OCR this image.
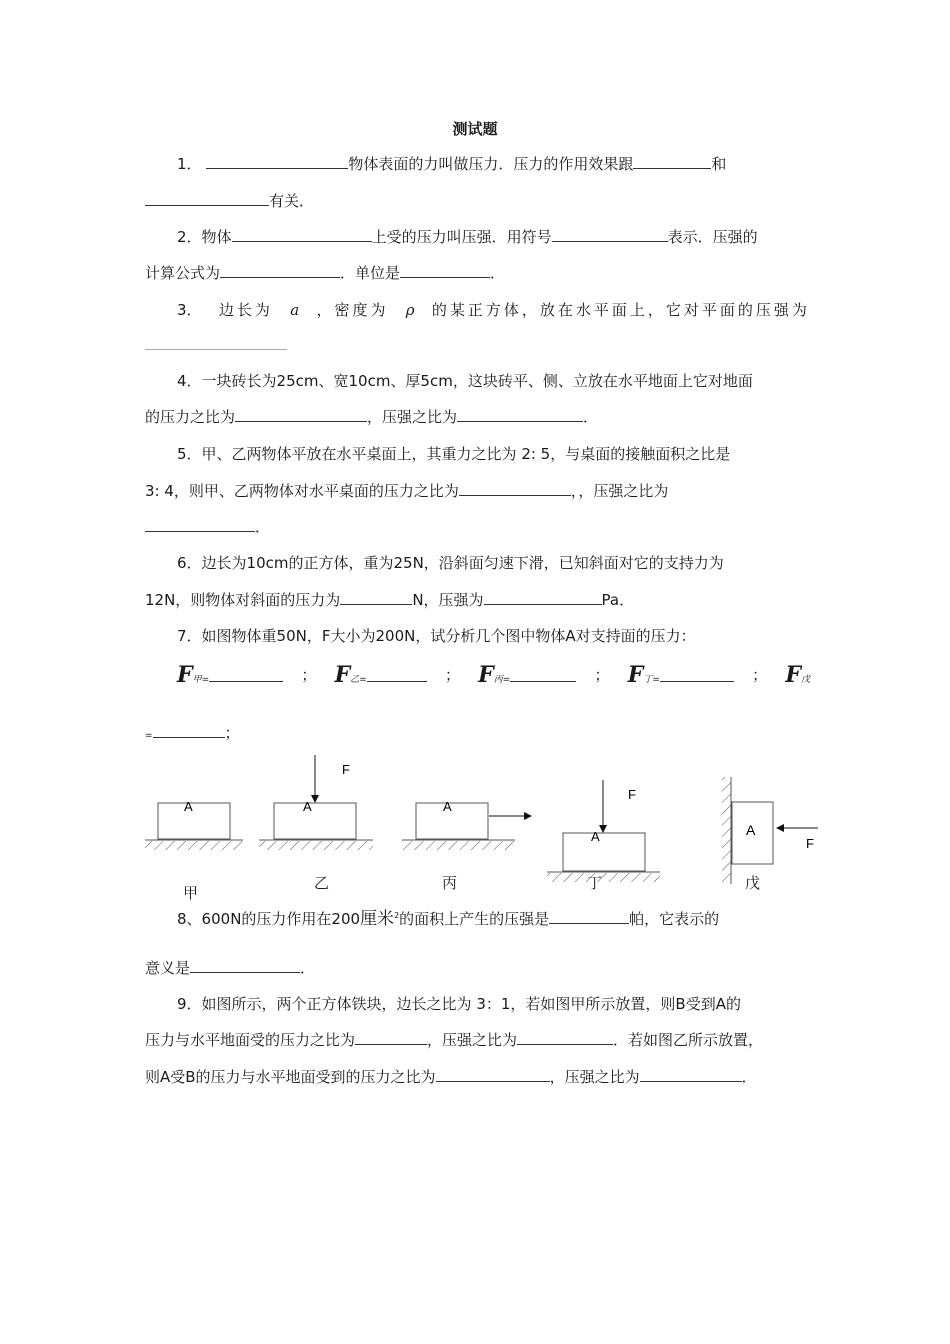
测试题
1．	物体表面的力叫做压力．压力的作用效果跟	和
有关．
2．物体	上受的压力叫压强．用符号	表示．压强的
计算公式为	．单位是	．
3． 边长为 a ，密度为 ρ 的某正方体，放在水平面上，它对平面的压强为
4．一块砖长为25cm、宽10cm、厚5cm，这块砖平、侧、立放在水平地面上它对地面
的压力之比为	，压强之比为	．
5．甲、乙两物体平放在水平桌面上，其重力之比为 2: 5，与桌面的接触面积之比是
3: 4，则甲、乙两物体对水平桌面的压力之比为	，，压强之比为
．
6．边长为10cm的正方体，重为25N，沿斜面匀速下滑，已知斜面对它的支持力为
12N，则物体对斜面的压力为	N，压强为	Pa．
7．如图物体重50N，F大小为200N，试分析几个图中物体A对支持面的压力：
F甲=	； F乙=	； F丙=	； F丁=	； F戊
=	；
A	A
F
A
A
F
A
F
甲
乙	丙	丁	戊
8、600N的压力作用在200厘米$^2$的面积上产生的压强是	帕，它表示的
意义是	．
9．如图所示，两个正方体铁块，边长之比为 3：1，若如图甲所示放置，则B受到A的
压力与水平地面受的压力之比为	，压强之比为	．若如图乙所示放置，
则A受B的压力与水平地面受到的压力之比为	，压强之比为	．
